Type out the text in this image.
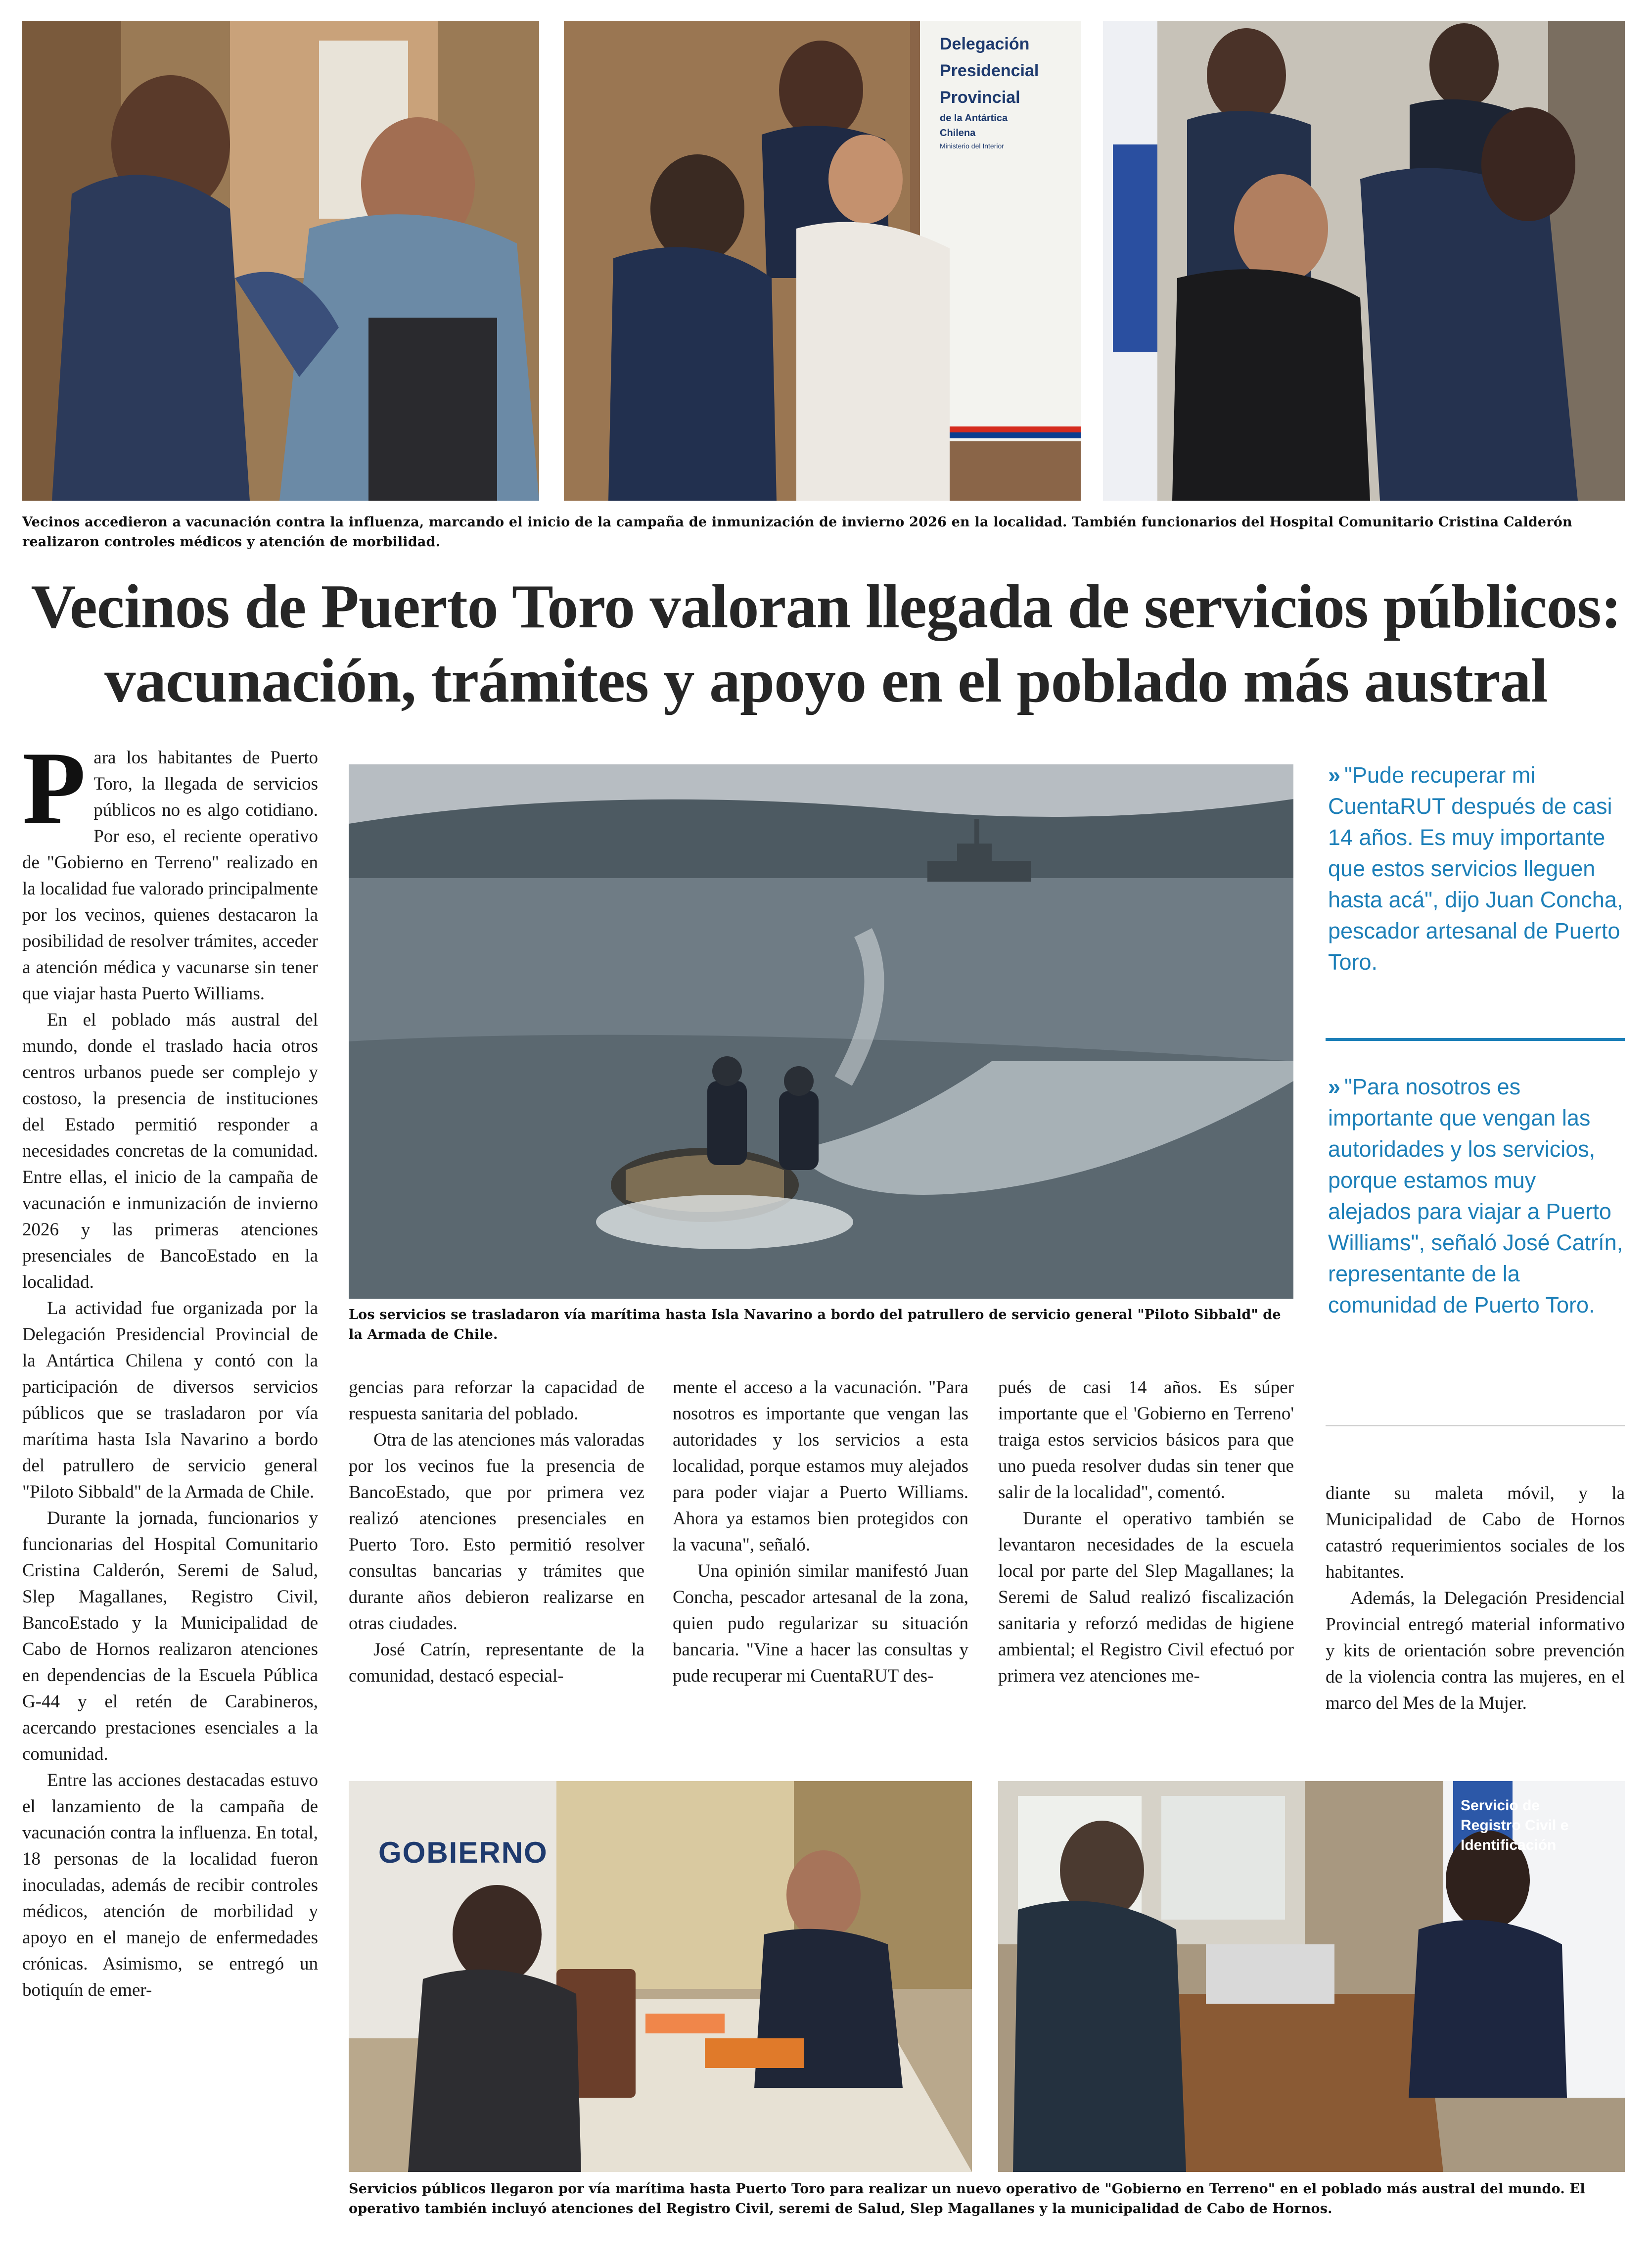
Delegación
Presidencial
Provincial
de la Antártica
Chilena
Ministerio del Interior
Vecinos accedieron a vacunación contra la influenza, marcando el inicio de la campaña de inmunización de invierno 2026 en la localidad. También funcionarios del Hospital Comunitario Cristina Calderón realizaron controles médicos y atención de morbilidad.
Vecinos de Puerto Toro valoran llegada de servicios públicos:
vacunación, trámites y apoyo en el poblado más austral

Para los habitantes de Puerto Toro, la llegada de servicios públicos no es algo cotidiano. Por eso, el reciente operativo de "Gobierno en Terreno" realizado en la localidad fue valorado principalmente por los vecinos, quienes destacaron la posibilidad de resolver trámites, acceder a atención médica y vacunarse sin tener que viajar hasta Puerto Williams.

En el poblado más austral del mundo, donde el traslado hacia otros centros urbanos puede ser complejo y costoso, la presencia de instituciones del Estado permitió responder a necesidades concretas de la comunidad. Entre ellas, el inicio de la campaña de vacunación e inmunización de invierno 2026 y las primeras atenciones presenciales de BancoEstado en la localidad.

La actividad fue organizada por la Delegación Presidencial Provincial de la Antártica Chilena y contó con la participación de diversos servicios públicos que se trasladaron por vía marítima hasta Isla Navarino a bordo del patrullero de servicio general "Piloto Sibbald" de la Armada de Chile.

Durante la jornada, funcionarios y funcionarias del Hospital Comunitario Cristina Calderón, Seremi de Salud, Slep Magallanes, Registro Civil, BancoEstado y la Municipalidad de Cabo de Hornos realizaron atenciones en dependencias de la Escuela Pública G-44 y el retén de Carabineros, acercando prestaciones esenciales a la comunidad.

Entre las acciones destacadas estuvo el lanzamiento de la campaña de vacunación contra la influenza. En total, 18 personas de la localidad fueron inoculadas, además de recibir controles médicos, atención de morbilidad y apoyo en el manejo de enfermedades crónicas. Asimismo, se entregó un botiquín de emer-

Los servicios se trasladaron vía marítima hasta Isla Navarino a bordo del patrullero de servicio general "Piloto Sibbald" de la Armada de Chile.
» "Pude recuperar mi CuentaRUT después de casi 14 años. Es muy importante que estos servicios lleguen hasta acá", dijo Juan Concha, pescador artesanal de Puerto Toro.
» "Para nosotros es importante que vengan las autoridades y los servicios, porque estamos muy alejados para viajar a Puerto Williams", señaló José Catrín, representante de la comunidad de Puerto Toro.

gencias para reforzar la capacidad de respuesta sanitaria del poblado.

Otra de las atenciones más valoradas por los vecinos fue la presencia de BancoEstado, que por primera vez realizó atenciones presenciales en Puerto Toro. Esto permitió resolver consultas bancarias y trámites que durante años debieron realizarse en otras ciudades.

José Catrín, representante de la comunidad, destacó especial-

mente el acceso a la vacunación. "Para nosotros es importante que vengan las autoridades y los servicios a esta localidad, porque estamos muy alejados para poder viajar a Puerto Williams. Ahora ya estamos bien protegidos con la vacuna", señaló.

Una opinión similar manifestó Juan Concha, pescador artesanal de la zona, quien pudo regularizar su situación bancaria. "Vine a hacer las consultas y pude recuperar mi CuentaRUT des-

pués de casi 14 años. Es súper importante que el 'Gobierno en Terreno' traiga estos servicios básicos para que uno pueda resolver dudas sin tener que salir de la localidad", comentó.

Durante el operativo también se levantaron necesidades de la escuela local por parte del Slep Magallanes; la Seremi de Salud realizó fiscalización sanitaria y reforzó medidas de higiene ambiental; el Registro Civil efectuó por primera vez atenciones me-

diante su maleta móvil, y la Municipalidad de Cabo de Hornos catastró requerimientos sociales de los habitantes.

Además, la Delegación Presidencial Provincial entregó material informativo y kits de orientación sobre prevención de la violencia contra las mujeres, en el marco del Mes de la Mujer.

GOBIERNO
Servicio de
Registro Civil e
Identificación
Servicios públicos llegaron por vía marítima hasta Puerto Toro para realizar un nuevo operativo de "Gobierno en Terreno" en el poblado más austral del mundo. El operativo también incluyó atenciones del Registro Civil, seremi de Salud, Slep Magallanes y la municipalidad de Cabo de Hornos.
